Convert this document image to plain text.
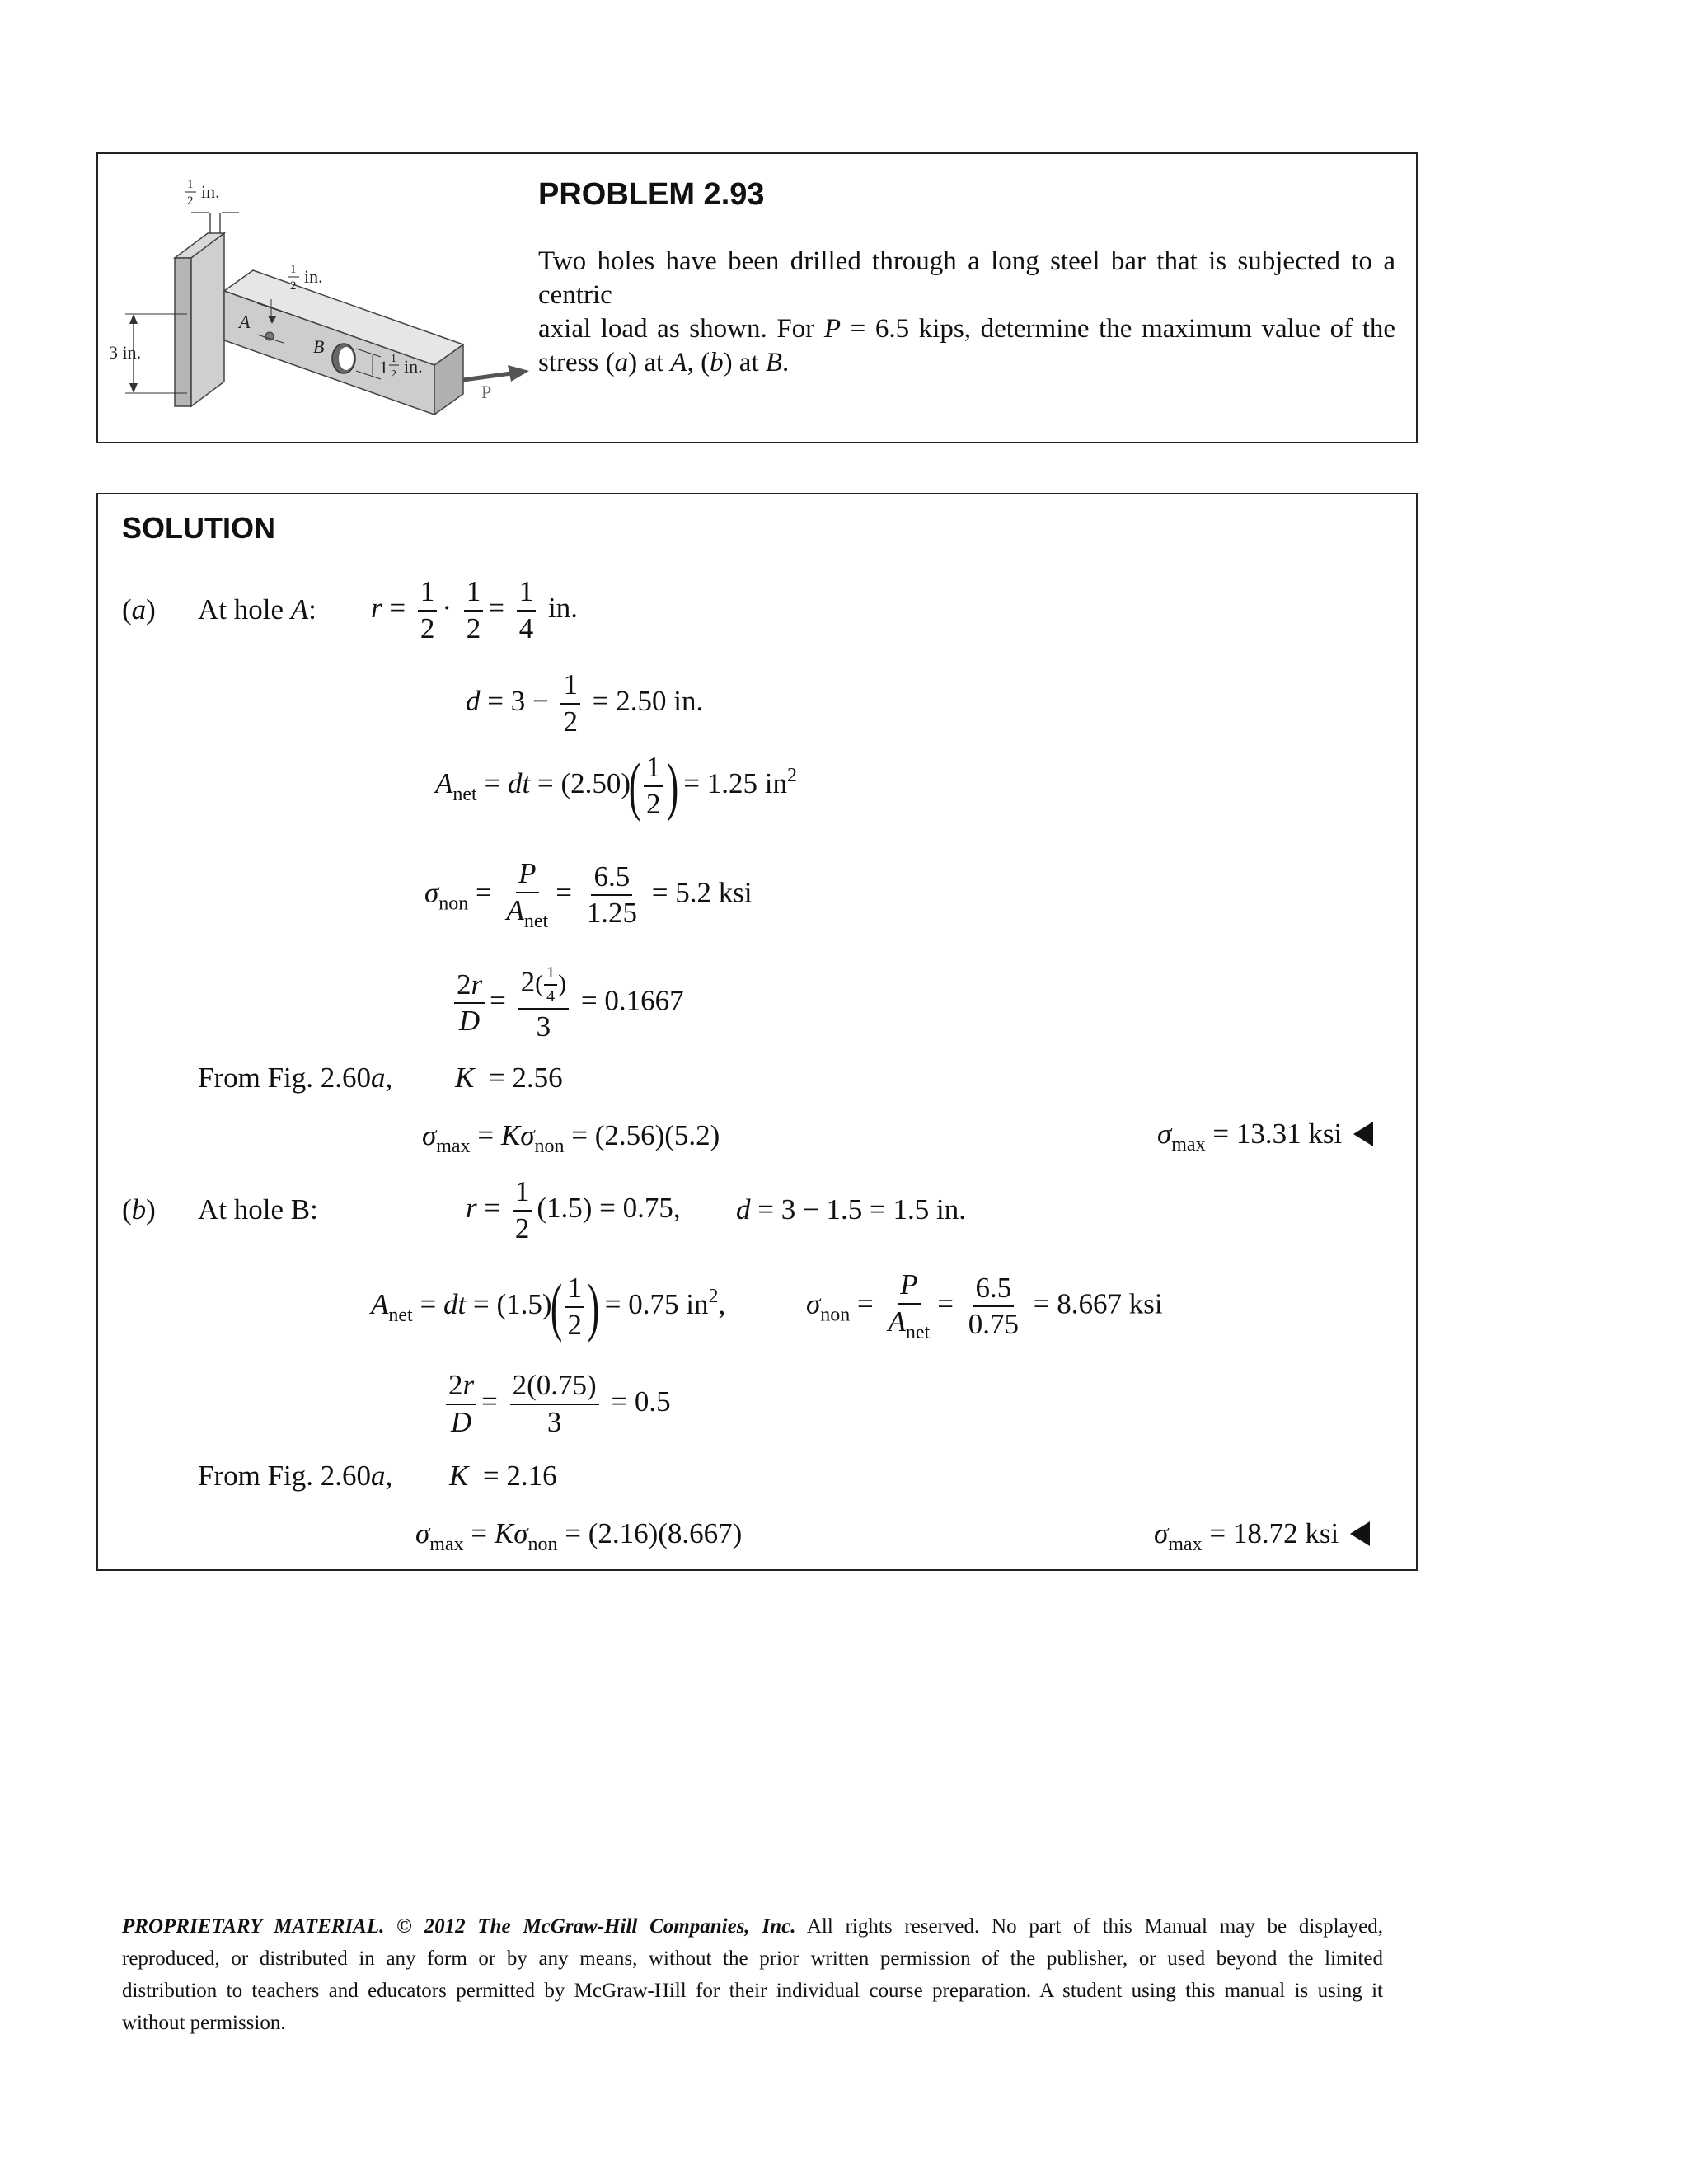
1
2 in.
1
2 in.
3 in.
A
B
1 1
2 in.
P
PROBLEM 2.93
Two holes have been drilled through a long steel bar that is subjected to a centric
axial load as shown. For P = 6.5 kips, determine the maximum value of the
stress (a) at A, (b) at B.
SOLUTION
(a) At hole A: $r = \frac{1}{2} \cdot \frac{1}{2} = \frac{1}{4}$ in.
$d = 3 - \frac{1}{2} = 2.50$ in.
$A_{net}$ = dt = $(2.50)( \frac{1}{2}$ ) = 1.25 $in^2$
$\sigma_{non} = \frac{P}{A_{net}} = \frac{6.5}{1.25} = 5.2$ ksi
$\frac{2r}{D} = \frac{2( \frac{1}{4} )}{3} = 0.1667$
From Fig. 2.60a, K  = 2.56
$\sigma_{max} = K\sigma_{non} = (2.56)(5.2)$	$\sigma_{max} = 13.31$ ksi
(b) At hole B:	$r = \frac{1}{2} (1.5) = 0.75$, d = 3 − 1.5 = 1.5 in.
$A_{net}$ = dt = $(1.5)( \frac{1}{2}$ ) = 0.75 $in^2$,	$\sigma_{non} = \frac{P}{A_{net}} = \frac{6.5}{0.75} = 8.667$ ksi
$\frac{2r}{D} = \frac{2(0.75)}{3} = 0.5$
From Fig. 2.60a, K  = 2.16
$\sigma_{max} = K\sigma_{non} = (2.16)(8.667)$	$\sigma_{max} = 18.72$ ksi
PROPRIETARY MATERIAL. © 2012 The McGraw-Hill Companies, Inc. All rights reserved. No part of this Manual may be displayed,
reproduced, or distributed in any form or by any means, without the prior written permission of the publisher, or used beyond the limited
distribution to teachers and educators permitted by McGraw-Hill for their individual course preparation. A student using this manual is using it
without permission.
